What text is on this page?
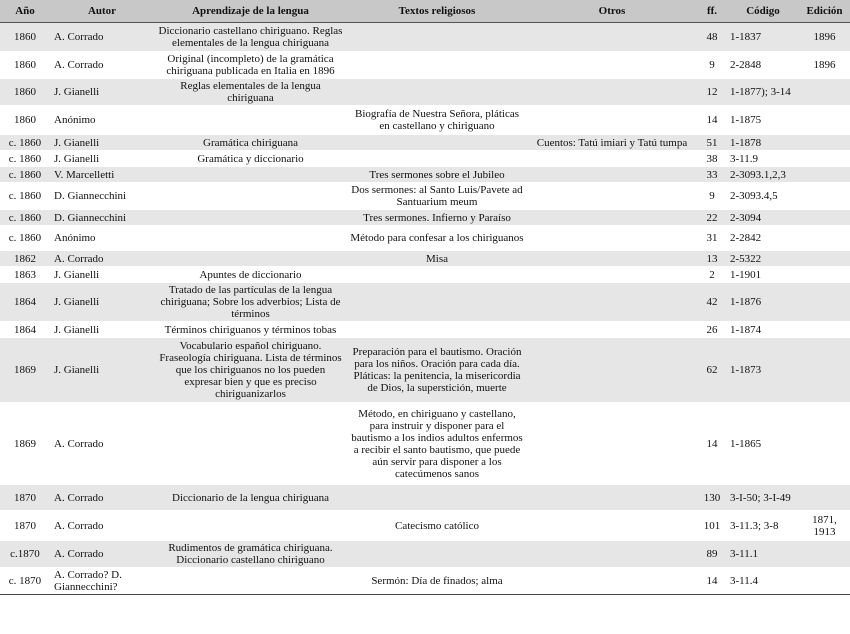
Año	Autor	Aprendizaje de la lengua	Textos religiosos	Otros	ff.	Código	Edición
1860	A. Corrado	Diccionario castellano chiriguano. Reglas elementales de la lengua chiriguana			48	1-1837	1896
1860	A. Corrado	Original (incompleto) de la gramática chiriguana publicada en Italia en 1896			9	2-2848	1896
1860	J. Gianelli	Reglas elementales de la lengua chiriguana			12	1-1877); 3-14	
1860	Anónimo		Biografía de Nuestra Señora, pláticas en castellano y chiriguano		14	1-1875	
c. 1860	J. Gianelli	Gramática chiriguana		Cuentos: Tatú imiari y Tatú tumpa	51	1-1878	
c. 1860	J. Gianelli	Gramática y diccionario			38	3-11.9	
c. 1860	V. Marcelletti		Tres sermones sobre el Jubileo		33	2-3093.1,2,3	
c. 1860	D. Giannecchini		Dos sermones: al Santo Luis/Pavete ad Santuarium meum		9	2-3093.4,5	
c. 1860	D. Giannecchini		Tres sermones. Infierno y Paraíso		22	2-3094	
c. 1860	Anónimo		Método para confesar a los chiriguanos		31	2-2842	
1862	A. Corrado		Misa		13	2-5322	
1863	J. Gianelli	Apuntes de diccionario			2	1-1901	
1864	J. Gianelli	Tratado de las partículas de la lengua chiriguana; Sobre los adverbios; Lista de términos			42	1-1876	
1864	J. Gianelli	Términos chiriguanos y términos tobas			26	1-1874	
1869	J. Gianelli	Vocabulario español chiriguano. Fraseología chiriguana. Lista de términos que los chiriguanos no los pueden expresar bien y que es preciso chiriguanizarlos	Preparación para el bautismo. Oración para los niños. Oración para cada día. Pláticas: la penitencia, la misericordia de Dios, la superstición, muerte		62	1-1873	
1869	A. Corrado		Método, en chiriguano y castellano, para instruir y disponer para el bautismo a los indios adultos enfermos a recibir el santo bautismo, que puede aún servir para disponer a los catecúmenos sanos		14	1-1865	
1870	A. Corrado	Diccionario de la lengua chiriguana			130	3-I-50; 3-I-49	
1870	A. Corrado		Catecismo católico		101	3-11.3; 3-8	1871, 1913
c.1870	A. Corrado	Rudimentos de gramática chiriguana. Diccionario castellano chiriguano			89	3-11.1	
c. 1870	A. Corrado? D. Giannecchini?		Sermón: Día de finados; alma		14	3-11.4	
